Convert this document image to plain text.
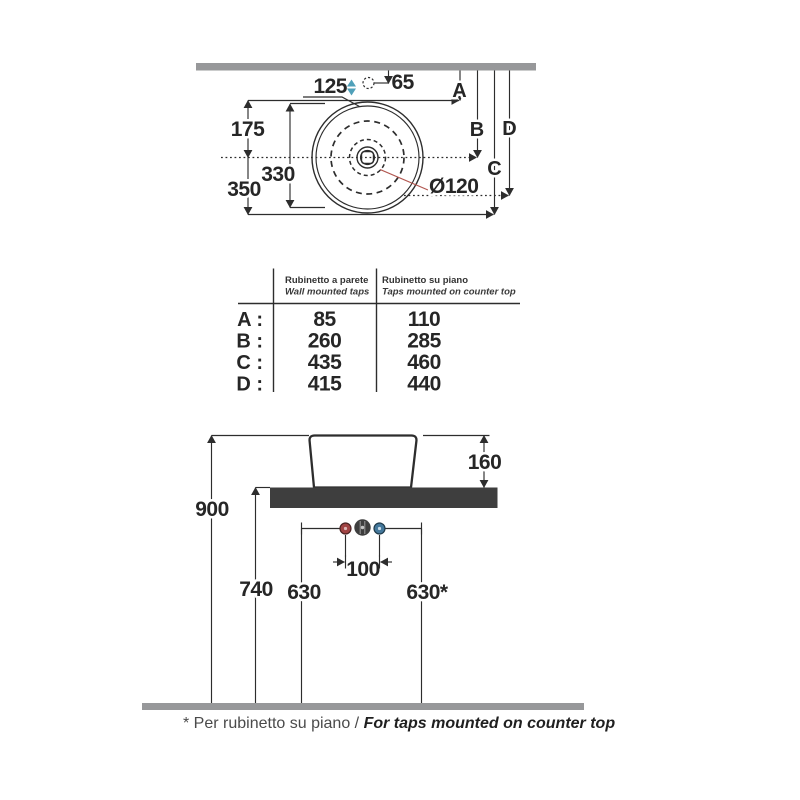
125 65
Ø120
175
330
350
A
B
C
D
Rubinetto a parete
Wall mounted taps
Rubinetto su piano
Taps mounted on counter top
A : 85	110
B : 260	285
C : 435	460
D : 415	440
160
900
740
100
630	630*
* Per rubinetto su piano / For taps mounted on counter top
